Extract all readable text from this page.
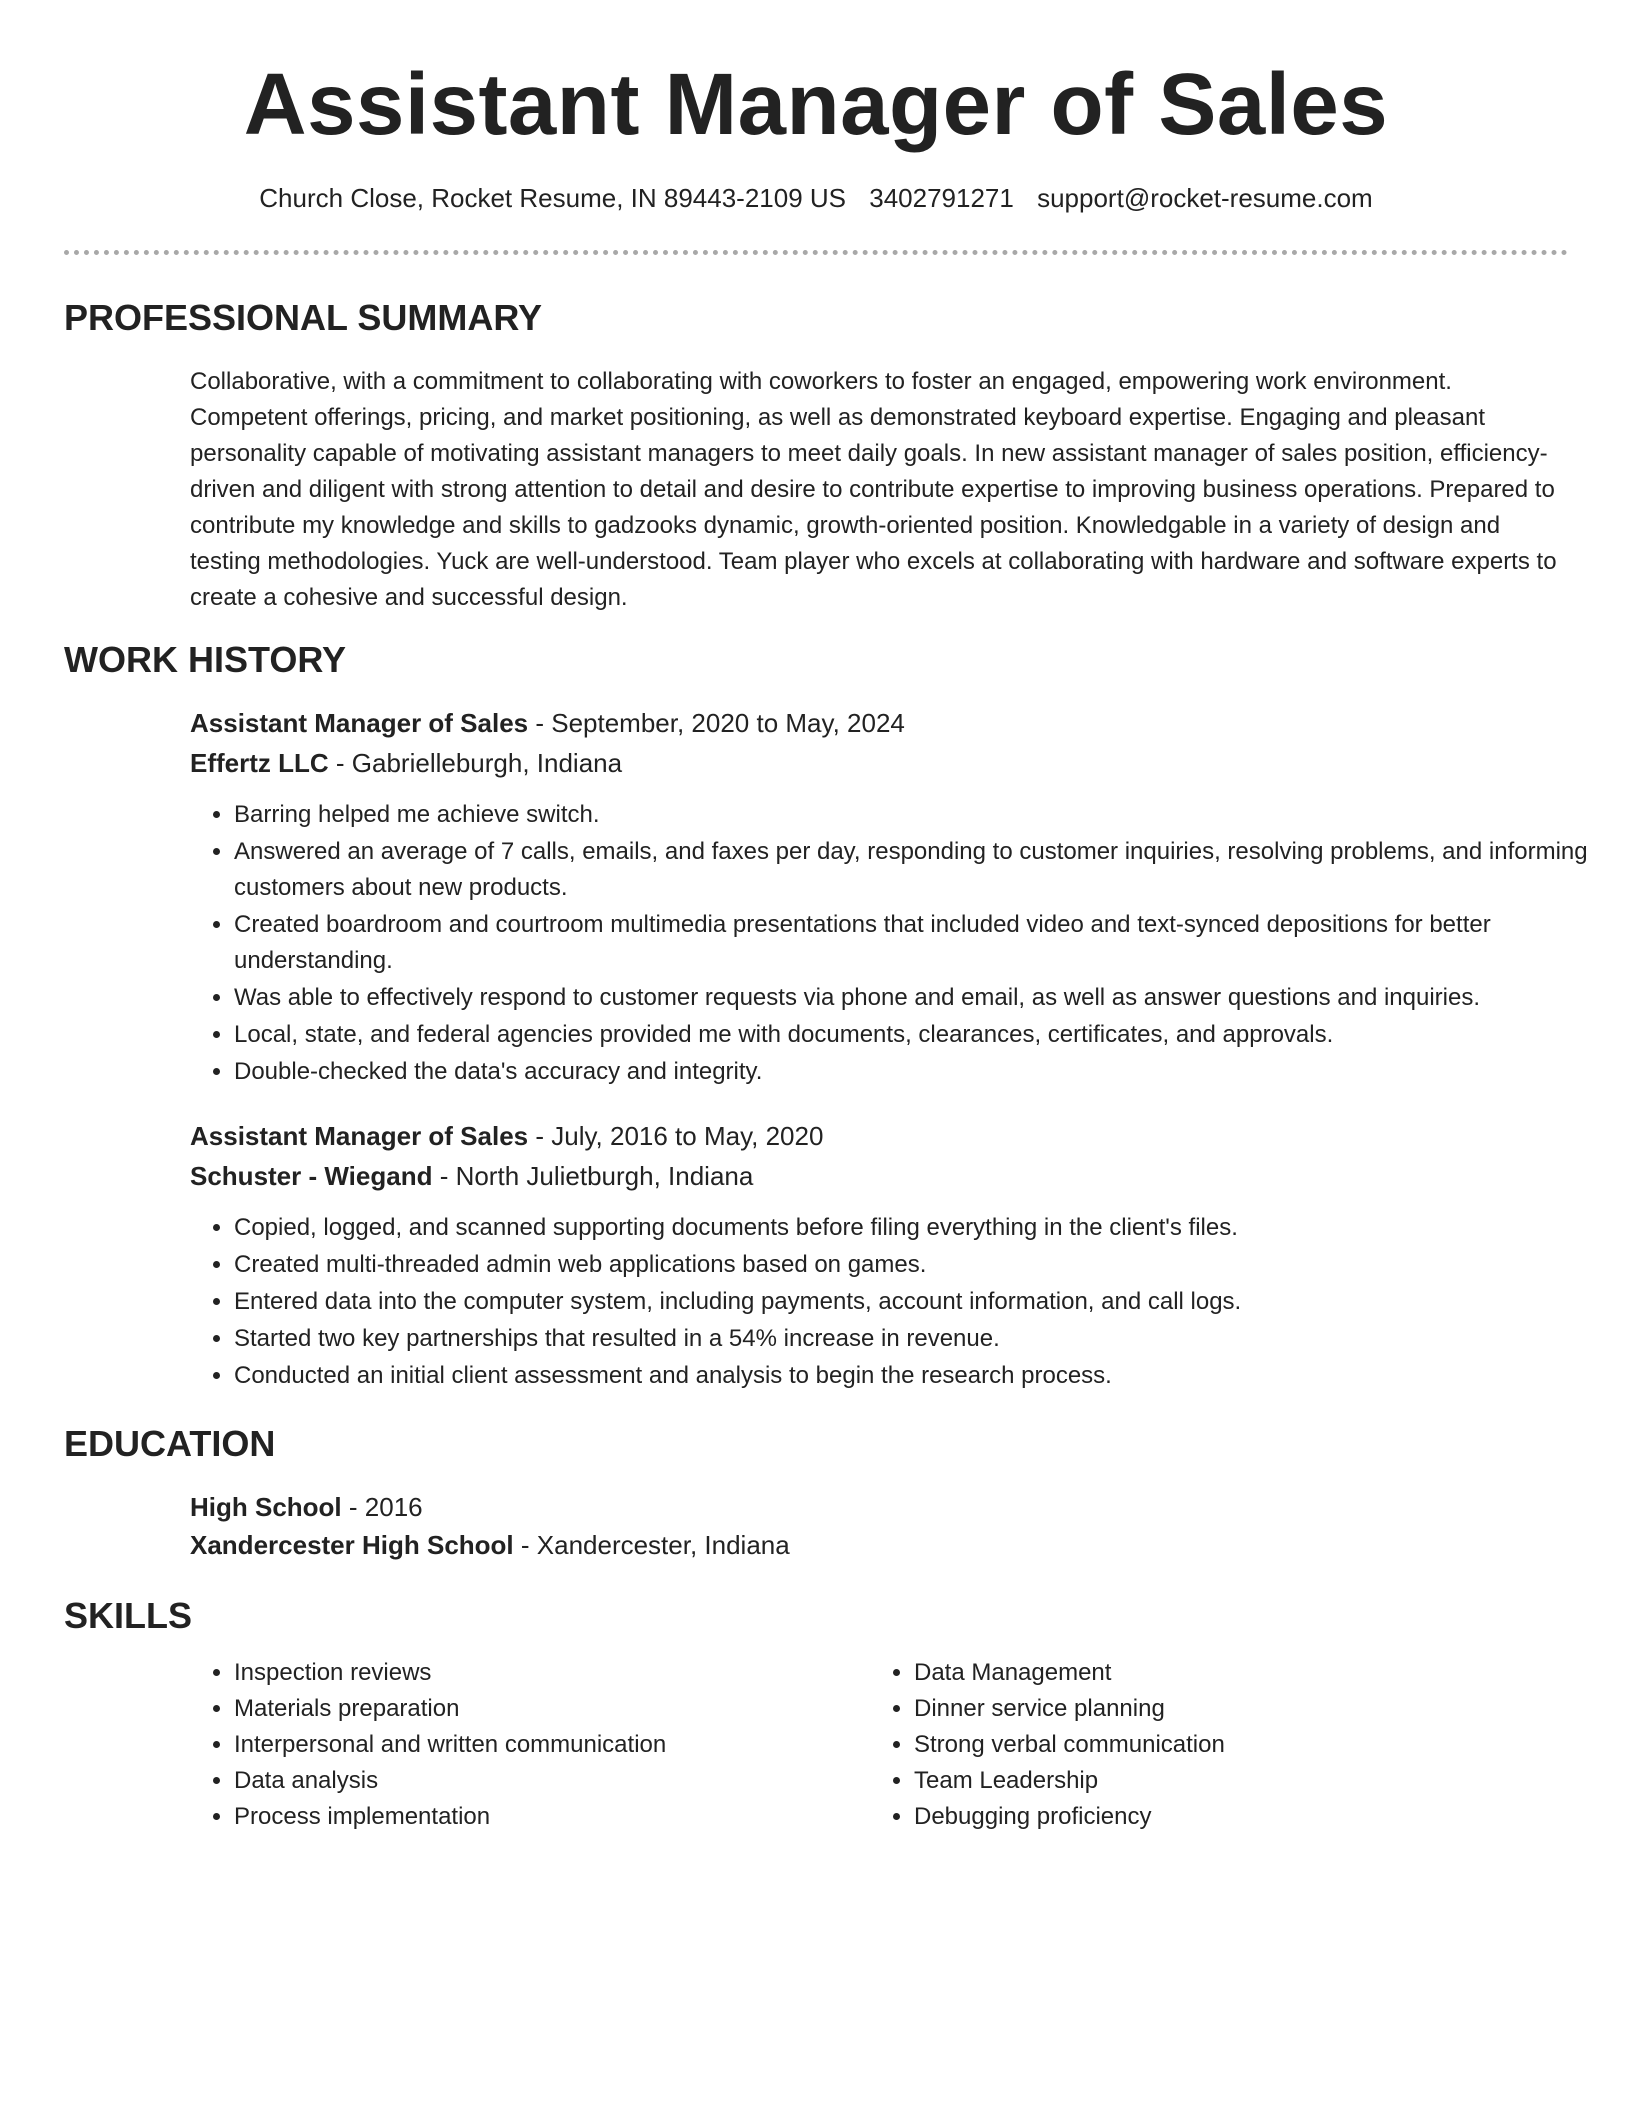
Assistant Manager of Sales
Church Close, Rocket Resume, IN 89443-2109 US 3402791271 support@rocket-resume.com
PROFESSIONAL SUMMARY

Collaborative, with a commitment to collaborating with coworkers to foster an engaged, empowering work environment. Competent offerings, pricing, and market positioning, as well as demonstrated keyboard expertise. Engaging and pleasant personality capable of motivating assistant managers to meet daily goals. In new assistant manager of sales position, efficiency-driven and diligent with strong attention to detail and desire to contribute expertise to improving business operations. Prepared to contribute my knowledge and skills to gadzooks dynamic, growth-oriented position. Knowledgable in a variety of design and testing methodologies. Yuck are well-understood. Team player who excels at collaborating with hardware and software experts to create a cohesive and successful design.

WORK HISTORY
Assistant Manager of Sales - September, 2020 to May, 2024
Effertz LLC - Gabrielleburgh, Indiana
• Barring helped me achieve switch.
• Answered an average of 7 calls, emails, and faxes per day, responding to customer inquiries, resolving problems, and informing customers about new products.
• Created boardroom and courtroom multimedia presentations that included video and text-synced depositions for better understanding.
• Was able to effectively respond to customer requests via phone and email, as well as answer questions and inquiries.
• Local, state, and federal agencies provided me with documents, clearances, certificates, and approvals.
• Double-checked the data's accuracy and integrity.
Assistant Manager of Sales - July, 2016 to May, 2020
Schuster - Wiegand - North Julietburgh, Indiana
• Copied, logged, and scanned supporting documents before filing everything in the client's files.
• Created multi-threaded admin web applications based on games.
• Entered data into the computer system, including payments, account information, and call logs.
• Started two key partnerships that resulted in a 54% increase in revenue.
• Conducted an initial client assessment and analysis to begin the research process.
EDUCATION
High School - 2016
Xandercester High School - Xandercester, Indiana
SKILLS
• Inspection reviews
• Materials preparation
• Interpersonal and written communication
• Data analysis
• Process implementation
• Data Management
• Dinner service planning
• Strong verbal communication
• Team Leadership
• Debugging proficiency
